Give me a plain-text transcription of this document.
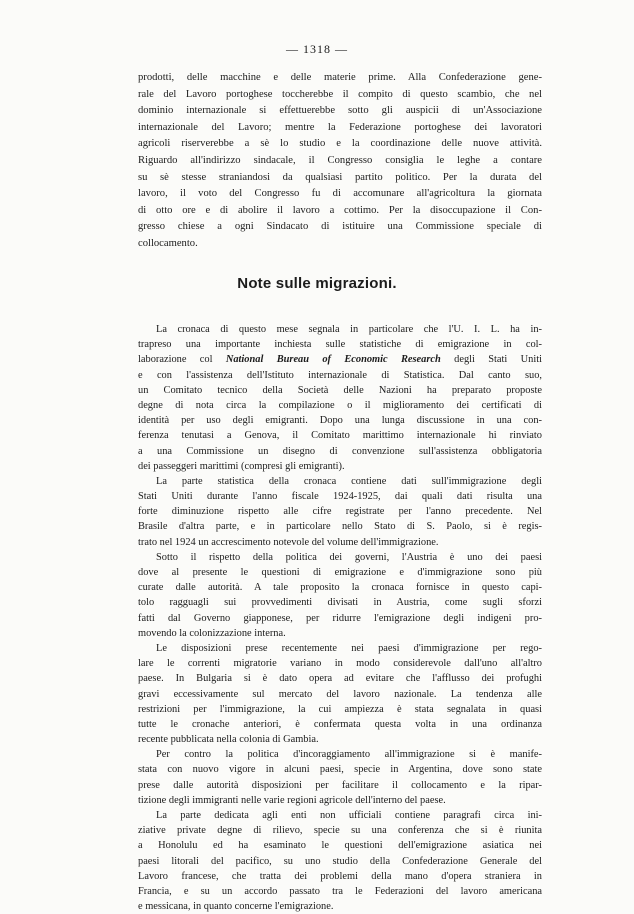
— 1318 —
prodotti, delle macchine e delle materie prime. Alla Confederazione gene-
rale del Lavoro portoghese toccherebbe il compito di questo scambio, che nel
dominio internazionale si effettuerebbe sotto gli auspicii di un'Associazione
internazionale del Lavoro; mentre la Federazione portoghese dei lavoratori
agricoli riserverebbe a sè lo studio e la coordinazione delle nuove attività.
Riguardo all'indirizzo sindacale, il Congresso consiglia le leghe a contare
su sè stesse straniandosi da qualsiasi partito politico. Per la durata del
lavoro, il voto del Congresso fu di accomunare all'agricoltura la giornata
di otto ore e di abolire il lavoro a cottimo. Per la disoccupazione il Con-
gresso chiese a ogni Sindacato di istituire una Commissione speciale di
collocamento.
Note sulle migrazioni.
La cronaca di questo mese segnala in particolare che l'U. I. L. ha in-
trapreso una importante inchiesta sulle statistiche di emigrazione in col-
laborazione col National Bureau of Economic Research degli Stati Uniti
e con l'assistenza dell'Istituto internazionale di Statistica. Dal canto suo,
un Comitato tecnico della Società delle Nazioni ha preparato proposte
degne di nota circa la compilazione o il miglioramento dei certificati di
identità per uso degli emigranti. Dopo una lunga discussione in una con-
ferenza tenutasi a Genova, il Comitato marittimo internazionale hi rinviato
a una Commissione un disegno di convenzione sull'assistenza obbligatoria
dei passeggeri marittimi (compresi gli emigranti).
La parte statistica della cronaca contiene dati sull'immigrazione degli
Stati Uniti durante l'anno fiscale 1924-1925, dai quali dati risulta una
forte diminuzione rispetto alle cifre registrate per l'anno precedente. Nel
Brasile d'altra parte, e in particolare nello Stato di S. Paolo, si è regis-
trato nel 1924 un accrescimento notevole del volume dell'immigrazione.
Sotto il rispetto della politica dei governi, l'Austria è uno dei paesi
dove al presente le questioni di emigrazione e d'immigrazione sono più
curate dalle autorità. A tale proposito la cronaca fornisce in questo capi-
tolo ragguagli sui provvedimenti divisati in Austria, come sugli sforzi
fatti dal Governo giapponese, per ridurre l'emigrazione degli indigeni pro-
movendo la colonizzazione interna.
Le disposizioni prese recentemente nei paesi d'immigrazione per rego-
lare le correnti migratorie variano in modo considerevole dall'uno all'altro
paese. In Bulgaria si è dato opera ad evitare che l'afflusso dei profughi
gravi eccessivamente sul mercato del lavoro nazionale. La tendenza alle
restrizioni per l'immigrazione, la cui ampiezza è stata segnalata in quasi
tutte le cronache anteriori, è confermata questa volta in una ordinanza
recente pubblicata nella colonia di Gambia.
Per contro la politica d'incoraggiamento all'immigrazione si è manife-
stata con nuovo vigore in alcuni paesi, specie in Argentina, dove sono state
prese dalle autorità disposizioni per facilitare il collocamento e la ripar-
tizione degli immigranti nelle varie regioni agricole dell'interno del paese.
La parte dedicata agli enti non ufficiali contiene paragrafi circa ini-
ziative private degne di rilievo, specie su una conferenza che si è riunita
a Honolulu ed ha esaminato le questioni dell'emigrazione asiatica nei
paesi litorali del pacifico, su uno studio della Confederazione Generale del
Lavoro francese, che tratta dei problemi della mano d'opera straniera in
Francia, e su un accordo passato tra le Federazioni del lavoro americana
e messicana, in quanto concerne l'emigrazione.
